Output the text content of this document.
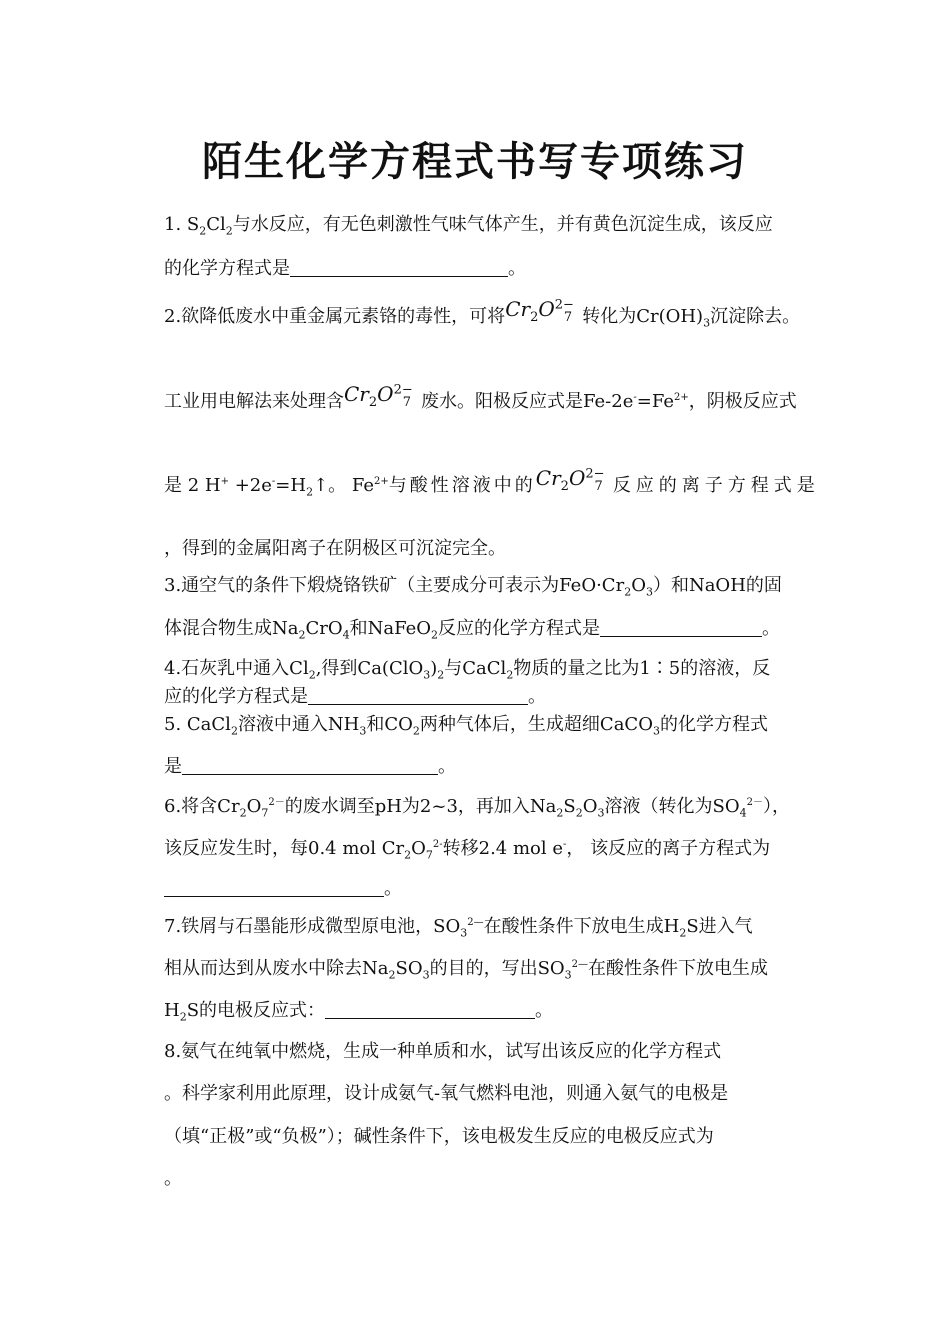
陌生化学方程式书写专项练习
1. $S_2Cl_2$与水反应，有无色刺激性气味气体产生，并有黄色沉淀生成，该反应
的化学方程式是	。
2.欲降低废水中重金属元素铬的毒性，可将$Cr_2O^{2-}_7$ 转化为$Cr(OH)_3$沉淀除去。
工业用电解法来处理含$Cr_2O^{2-}_7$ 废水。阳极反应式是$Fe-2e^-=Fe^{2+}$，阴极反应式
是 2 $H^+ +2e^-=H_2↑$。 $Fe^{2+}$与酸性溶液中的$Cr_2O^{2-}_7$ 反应的离子方程式是
，得到的金属阳离子在阴极区可沉淀完全。
3.通空气的条件下煅烧铬铁矿（主要成分可表示为$FeO\cdot Cr_2O_3$）和NaOH的固
体混合物生成$Na_2CrO_4$和NaFeO$_2$反应的化学方程式是	。
4.石灰乳中通入$Cl_2$,得到$Ca(ClO_3)_2$与CaCl$_2$物质的量之比为1∶5的溶液，反
应的化学方程式是	。
5. CaCl$_2$溶液中通入$NH_3$和$CO_2$两种气体后，生成超细CaCO$_3$的化学方程式
是	。
6.将含$Cr_2O_7^{2-}$的废水调至pH为2~3，再加入$Na_2S_2O_3$溶液（转化为$SO_4^{2-}$），
该反应发生时，每0.4 mol $Cr_2O_7^{2-}$转移2.4 mol e-， 该反应的离子方程式为
。
7.铁屑与石墨能形成微型原电池，$SO_3^{2—}$在酸性条件下放电生成$H_2S$进入气
相从而达到从废水中除去$Na_2SO_3$的目的，写出$SO_3^{2—}$在酸性条件下放电生成
$H_2S$的电极反应式：	。
8.氨气在纯氧中燃烧，生成一种单质和水，试写出该反应的化学方程式
。科学家利用此原理，设计成氨气-氧气燃料电池，则通入氨气的电极是
（填“正极”或“负极”）；碱性条件下，该电极发生反应的电极反应式为
。
